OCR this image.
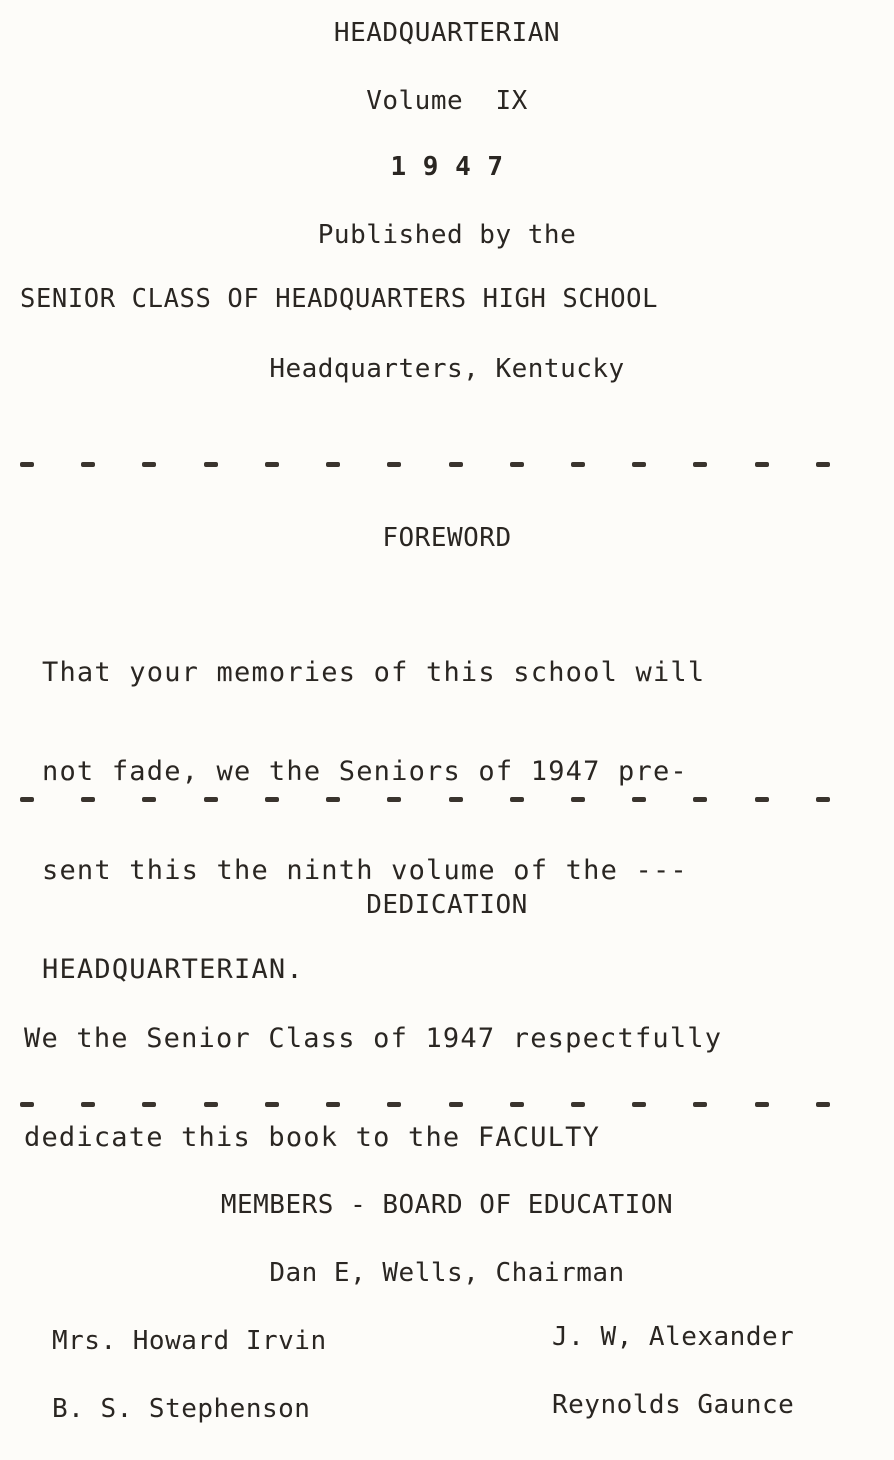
HEADQUARTERIAN
Volume  IX
1 9 4 7
Published by the
SENIOR CLASS OF HEADQUARTERS HIGH SCHOOL
Headquarters, Kentucky
FOREWORD

That your memories of this school will

not fade, we the Seniors of 1947 pre-

sent this the ninth volume of the ---

HEADQUARTERIAN.

DEDICATION

We the Senior Class of 1947 respectfully

dedicate this book to the FACULTY

MEMBERS - BOARD OF EDUCATION
Dan E, Wells, Chairman
Mrs. Howard Irvin	J. W, Alexander
B. S. Stephenson	Reynolds Gaunce
